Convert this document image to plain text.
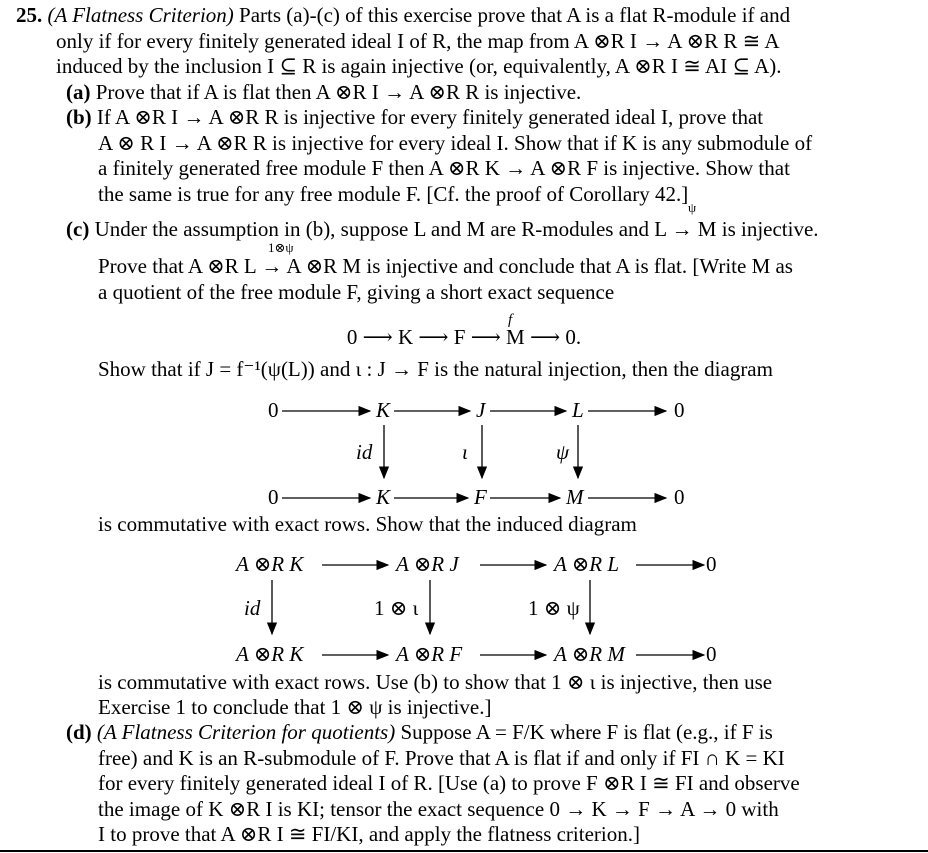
25. (A Flatness Criterion) Parts (a)-(c) of this exercise prove that A is a flat R-module if and
only if for every finitely generated ideal I of R, the map from A ⊗R I → A ⊗R R ≅ A
induced by the inclusion I ⊆ R is again injective (or, equivalently, A ⊗R I ≅ AI ⊆ A).
(a) Prove that if A is flat then A ⊗R I → A ⊗R R is injective.
(b) If A ⊗R I → A ⊗R R is injective for every finitely generated ideal I, prove that
A ⊗ R I → A ⊗R R is injective for every ideal I. Show that if K is any submodule of
a finitely generated free module F then A ⊗R K → A ⊗R F is injective. Show that
the same is true for any free module F. [Cf. the proof of Corollary 42.]
ψ
(c) Under the assumption in (b), suppose L and M are R-modules and L → M is injective.
1⊗ψ
Prove that A ⊗R L → A ⊗R M is injective and conclude that A is flat. [Write M as
a quotient of the free module F, giving a short exact sequence
f
0 ⟶ K ⟶ F ⟶ M ⟶ 0.
Show that if J = f⁻¹(ψ(L)) and ι : J → F is the natural injection, then the diagram
0	K	J	L	0
id	ι	ψ
0	K	F	M	0
is commutative with exact rows. Show that the induced diagram
A ⊗R K	A ⊗R J	A ⊗R L	0
id	1 ⊗ ι	1 ⊗ ψ
A ⊗R K	A ⊗R F	A ⊗R M	0
is commutative with exact rows. Use (b) to show that 1 ⊗ ι is injective, then use
Exercise 1 to conclude that 1 ⊗ ψ is injective.]
(d) (A Flatness Criterion for quotients) Suppose A = F/K where F is flat (e.g., if F is
free) and K is an R-submodule of F. Prove that A is flat if and only if FI ∩ K = KI
for every finitely generated ideal I of R. [Use (a) to prove F ⊗R I ≅ FI and observe
the image of K ⊗R I is KI; tensor the exact sequence 0 → K → F → A → 0 with
I to prove that A ⊗R I ≅ FI/KI, and apply the flatness criterion.]
